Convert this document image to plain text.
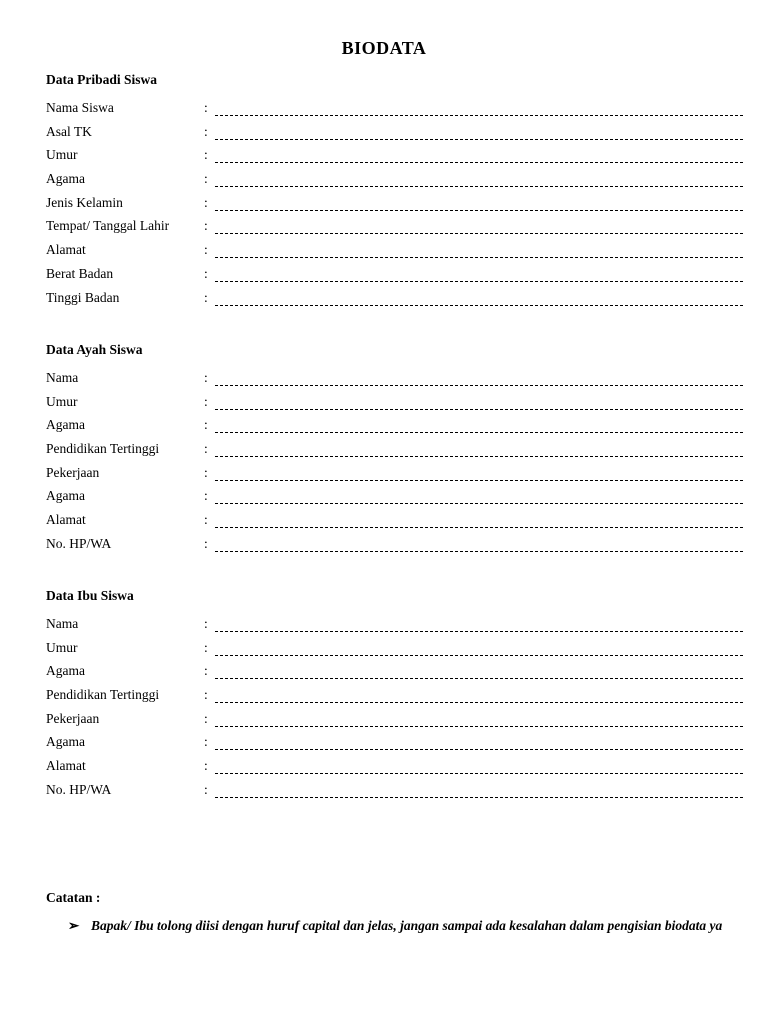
BIODATA
Data Pribadi Siswa
Nama Siswa	:
Asal TK	:
Umur	:
Agama	:
Jenis Kelamin	:
Tempat/ Tanggal Lahir	:
Alamat	:
Berat Badan	:
Tinggi Badan	:
Data Ayah Siswa
Nama	:
Umur	:
Agama	:
Pendidikan Tertinggi	:
Pekerjaan	:
Agama	:
Alamat	:
No. HP/WA	:
Data Ibu Siswa
Nama	:
Umur	:
Agama	:
Pendidikan Tertinggi	:
Pekerjaan	:
Agama	:
Alamat	:
No. HP/WA	:
Catatan :
➢ Bapak/ Ibu tolong diisi dengan huruf capital dan jelas, jangan sampai ada kesalahan dalam pengisian biodata ya
